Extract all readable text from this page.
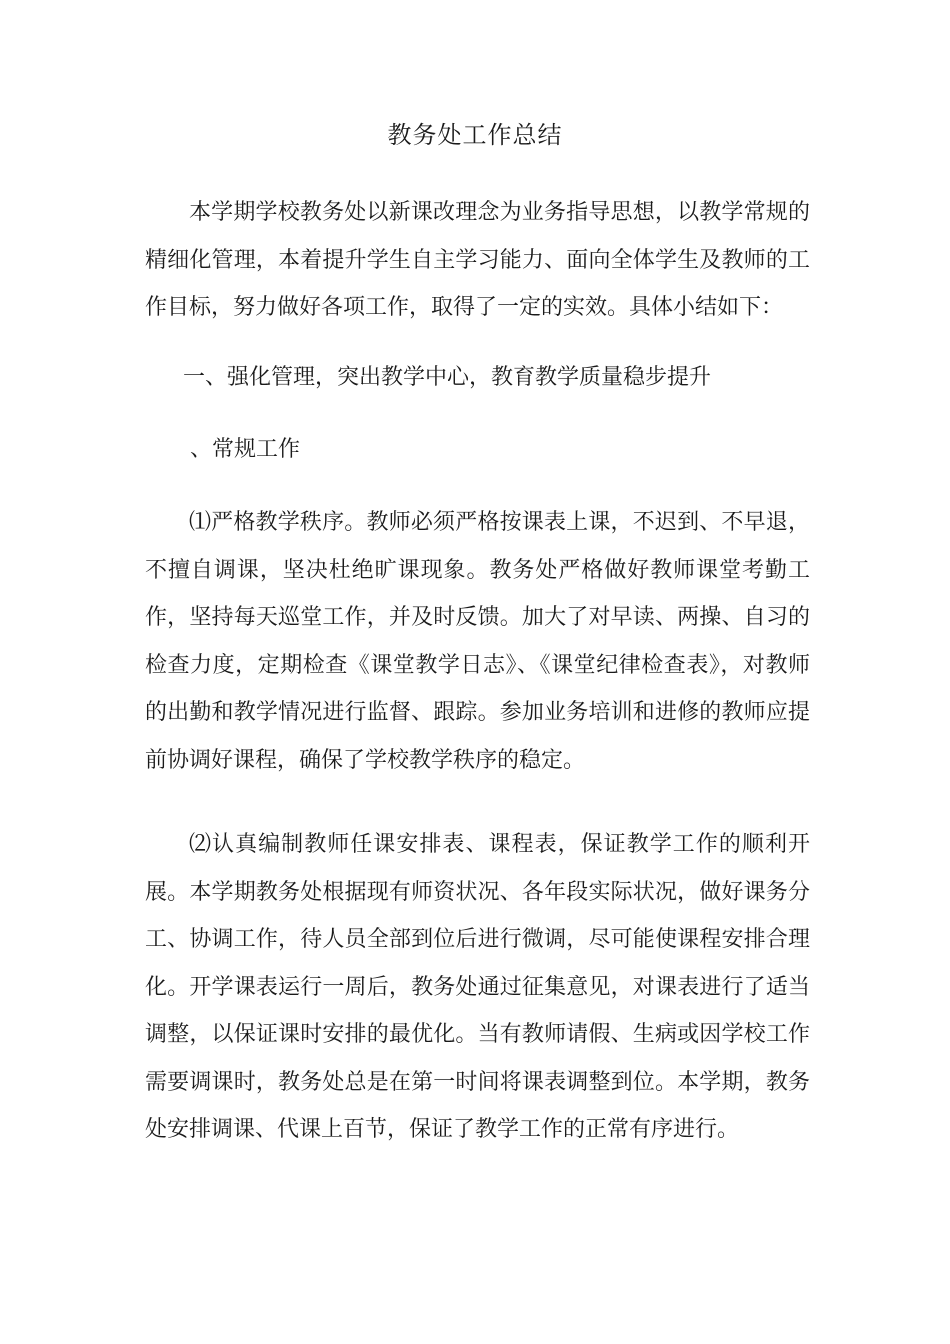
教务处工作总结

本学期学校教务处以新课改理念为业务指导思想，以教学常规的精细化管理，本着提升学生自主学习能力、面向全体学生及教师的工作目标，努力做好各项工作，取得了一定的实效。具体小结如下：

一、强化管理，突出教学中心，教育教学质量稳步提升
、常规工作

⑴严格教学秩序。教师必须严格按课表上课，不迟到、不早退，不擅自调课，坚决杜绝旷课现象。教务处严格做好教师课堂考勤工作，坚持每天巡堂工作，并及时反馈。加大了对早读、两操、自习的检查力度，定期检查《课堂教学日志》、《课堂纪律检查表》，对教师的出勤和教学情况进行监督、跟踪。参加业务培训和进修的教师应提前协调好课程，确保了学校教学秩序的稳定。

⑵认真编制教师任课安排表、课程表，保证教学工作的顺利开展。本学期教务处根据现有师资状况、各年段实际状况，做好课务分工、协调工作，待人员全部到位后进行微调，尽可能使课程安排合理化。开学课表运行一周后，教务处通过征集意见，对课表进行了适当调整，以保证课时安排的最优化。当有教师请假、生病或因学校工作需要调课时，教务处总是在第一时间将课表调整到位。本学期，教务处安排调课、代课上百节，保证了教学工作的正常有序进行。
